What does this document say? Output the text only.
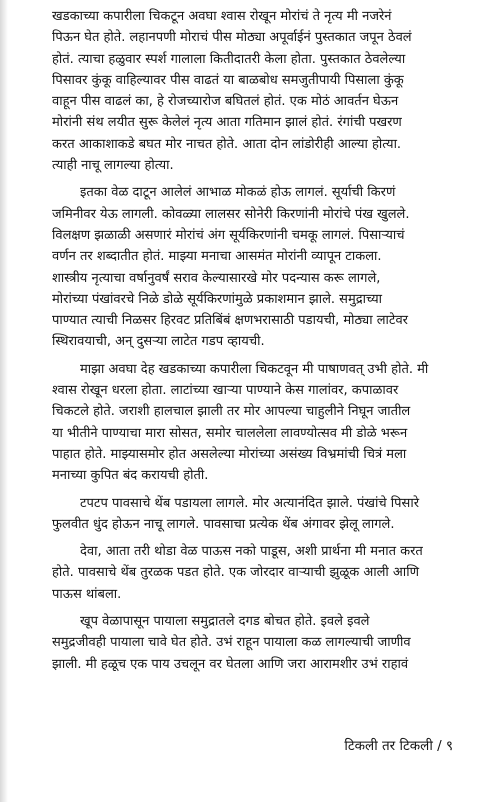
खडकाच्या कपारीला चिकटून अवघा श्वास रोखून मोरांचं ते नृत्य मी नजरेनं
पिऊन घेत होते. लहानपणी मोराचं पीस मोठ्या अपूर्वाईनं पुस्तकात जपून ठेवलं
होतं. त्याचा हळुवार स्पर्श गालाला कितीदातरी केला होता. पुस्तकात ठेवलेल्या
पिसावर कुंकू वाहिल्यावर पीस वाढतं या बाळबोध समजुतीपायी पिसाला कुंकू
वाहून पीस वाढलं का, हे रोजच्यारोज बघितलं होतं. एक मोठं आवर्तन घेऊन
मोरांनी संथ लयीत सुरू केलेलं नृत्य आता गतिमान झालं होतं. रंगांची पखरण
करत आकाशाकडे बघत मोर नाचत होते. आता दोन लांडोरीही आल्या होत्या.
त्याही नाचू लागल्या होत्या.
इतका वेळ दाटून आलेलं आभाळ मोकळं होऊ लागलं. सूर्याची किरणं
जमिनीवर येऊ लागली. कोवळ्या लालसर सोनेरी किरणांनी मोरांचे पंख खुलले.
विलक्षण झळाळी असणारं मोरांचं अंग सूर्यकिरणांनी चमकू लागलं. पिसाऱ्याचं
वर्णन तर शब्दातीत होतं. माझ्या मनाचा आसमंत मोरांनी व्यापून टाकला.
शास्त्रीय नृत्याचा वर्षानुवर्षं सराव केल्यासारखे मोर पदन्यास करू लागले,
मोरांच्या पंखांवरचे निळे डोळे सूर्यकिरणांमुळे प्रकाशमान झाले. समुद्राच्या
पाण्यात त्याची निळसर हिरवट प्रतिबिंबं क्षणभरासाठी पडायची, मोठ्या लाटेवर
स्थिरावयाची, अन् दुसऱ्या लाटेत गडप व्हायची.
माझा अवघा देह खडकाच्या कपारीला चिकटवून मी पाषाणवत् उभी होते. मी
श्वास रोखून धरला होता. लाटांच्या खाऱ्या पाण्याने केस गालांवर, कपाळावर
चिकटले होते. जराशी हालचाल झाली तर मोर आपल्या चाहुलीने निघून जातील
या भीतीने पाण्याचा मारा सोसत, समोर चाललेला लावण्योत्सव मी डोळे भरून
पाहात होते. माझ्यासमोर होत असलेल्या मोरांच्या असंख्य विभ्रमांची चित्रं मला
मनाच्या कुपित बंद करायची होती.
टपटप पावसाचे थेंब पडायला लागले. मोर अत्यानंदित झाले. पंखांचे पिसारे
फुलवीत धुंद होऊन नाचू लागले. पावसाचा प्रत्येक थेंब अंगावर झेलू लागले.
देवा, आता तरी थोडा वेळ पाऊस नको पाडूस, अशी प्रार्थना मी मनात करत
होते. पावसाचे थेंब तुरळक पडत होते. एक जोरदार वाऱ्याची झुळूक आली आणि
पाऊस थांबला.
खूप वेळापासून पायाला समुद्रातले दगड बोचत होते. इवले इवले
समुद्रजीवही पायाला चावे घेत होते. उभं राहून पायाला कळ लागल्याची जाणीव
झाली. मी हळूच एक पाय उचलून वर घेतला आणि जरा आरामशीर उभं राहावं
टिकली तर टिकली / ९
